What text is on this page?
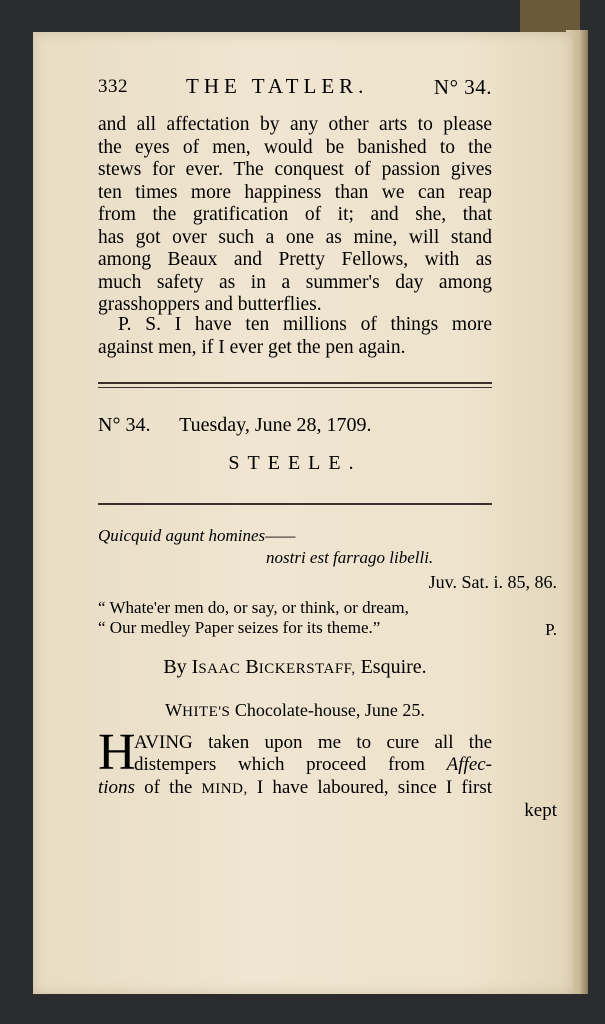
332	THE TATLER.	N° 34.
and all affectation by any other arts to please
the eyes of men, would be banished to the
stews for ever. The conquest of passion gives
ten times more happiness than we can reap
from the gratification of it; and she, that
has got over such a one as mine, will stand
among Beaux and Pretty Fellows, with as
much safety as in a summer's day among
grasshoppers and butterflies.
P. S. I have ten millions of things more
against men, if I ever get the pen again.
N° 34. Tuesday, June 28, 1709.
STEELE.
Quicquid agunt homines——
nostri est farrago libelli.
Juv. Sat. i. 85, 86.
“ Whate'er men do, or say, or think, or dream,
“ Our medley Paper seizes for its theme.”	P.
By ISAAC BICKERSTAFF, Esquire.
WHITE'S Chocolate-house, June 25.
H
AVING taken upon me to cure all the
distempers which proceed from Affec-
tions of the MIND, I have laboured, since I first
kept
